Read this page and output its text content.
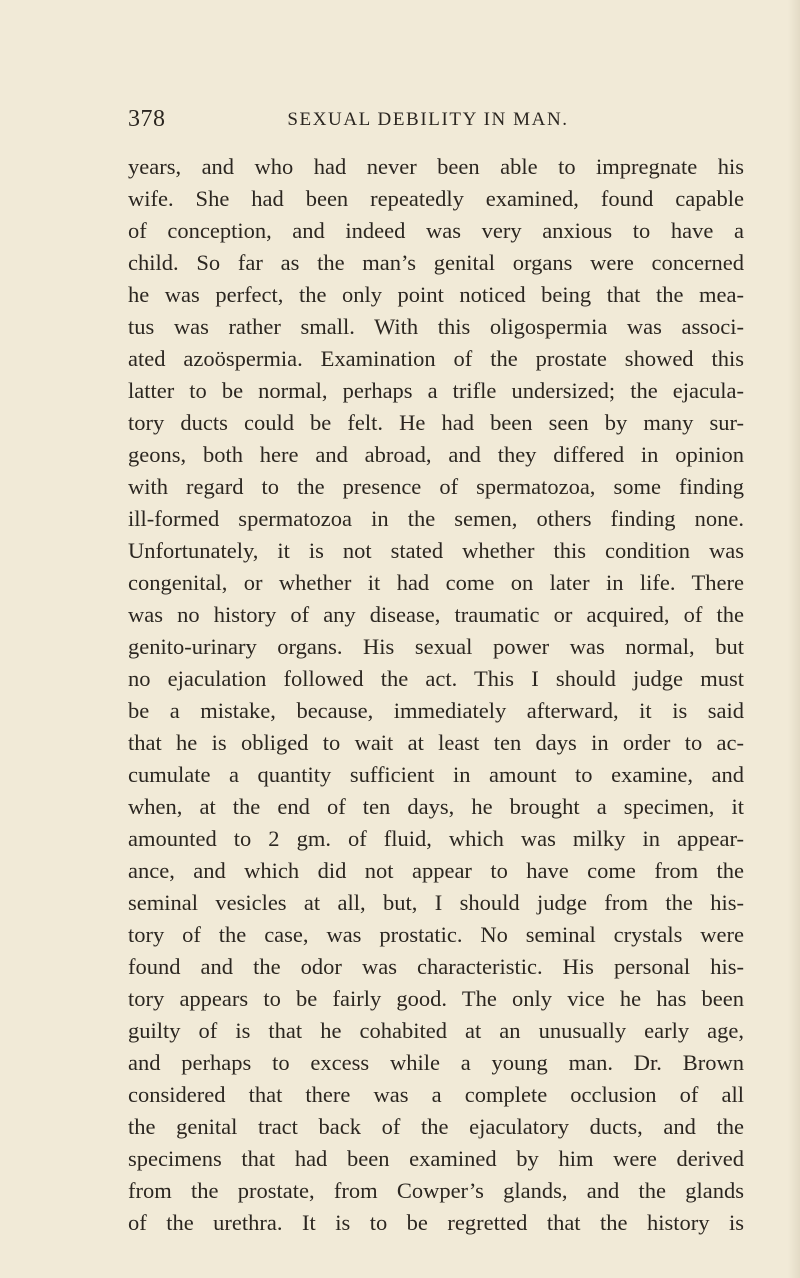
378	SEXUAL DEBILITY IN MAN.
years, and who had never been able to impregnate his
wife. She had been repeatedly examined, found capable
of conception, and indeed was very anxious to have a
child. So far as the man’s genital organs were concerned
he was perfect, the only point noticed being that the mea-
tus was rather small. With this oligospermia was associ-
ated azoöspermia. Examination of the prostate showed this
latter to be normal, perhaps a trifle undersized; the ejacula-
tory ducts could be felt. He had been seen by many sur-
geons, both here and abroad, and they differed in opinion
with regard to the presence of spermatozoa, some finding
ill-formed spermatozoa in the semen, others finding none.
Unfortunately, it is not stated whether this condition was
congenital, or whether it had come on later in life. There
was no history of any disease, traumatic or acquired, of the
genito-urinary organs. His sexual power was normal, but
no ejaculation followed the act. This I should judge must
be a mistake, because, immediately afterward, it is said
that he is obliged to wait at least ten days in order to ac-
cumulate a quantity sufficient in amount to examine, and
when, at the end of ten days, he brought a specimen, it
amounted to 2 gm. of fluid, which was milky in appear-
ance, and which did not appear to have come from the
seminal vesicles at all, but, I should judge from the his-
tory of the case, was prostatic. No seminal crystals were
found and the odor was characteristic. His personal his-
tory appears to be fairly good. The only vice he has been
guilty of is that he cohabited at an unusually early age,
and perhaps to excess while a young man. Dr. Brown
considered that there was a complete occlusion of all
the genital tract back of the ejaculatory ducts, and the
specimens that had been examined by him were derived
from the prostate, from Cowper’s glands, and the glands
of the urethra. It is to be regretted that the history is
